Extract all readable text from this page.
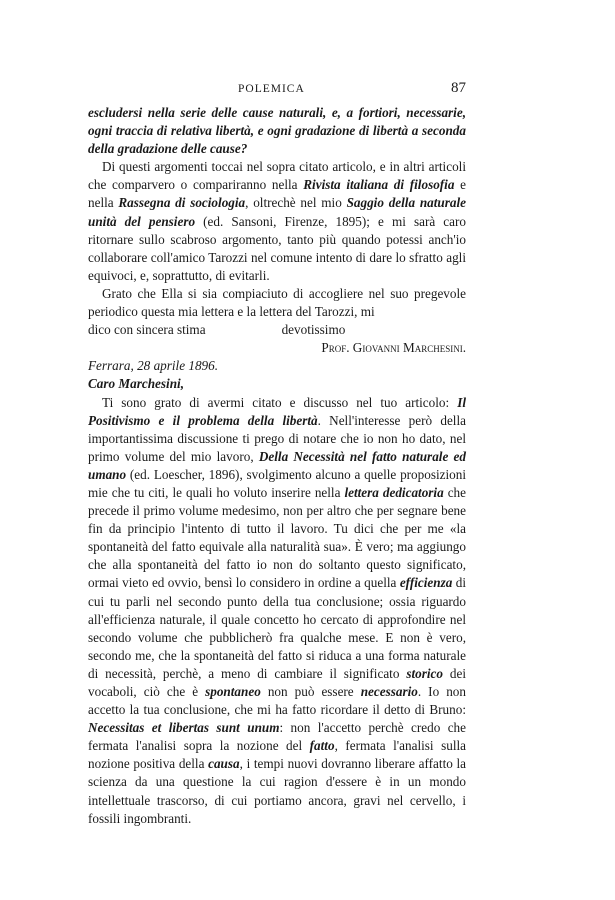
POLEMICA	87

escludersi nella serie delle cause naturali, e, a fortiori, necessarie, ogni traccia di relativa libertà, e ogni gradazione di libertà a seconda della gradazione delle cause?

Di questi argomenti toccai nel sopra citato articolo, e in altri articoli che comparvero o compariranno nella Rivista italiana di filosofia e nella Rassegna di sociologia, oltrechè nel mio Saggio della naturale unità del pensiero (ed. Sansoni, Firenze, 1895); e mi sarà caro ritornare sullo scabroso argomento, tanto più quando potessi anch'io collaborare coll'amico Tarozzi nel comune intento di dare lo sfratto agli equivoci, e, soprattutto, di evitarli.

Grato che Ella si sia compiaciuto di accogliere nel suo pregevole periodico questa mia lettera e la lettera del Tarozzi, mi

dico con sincera stima	devotissimo

Prof. Giovanni Marchesini.

Ferrara, 28 aprile 1896.

Caro Marchesini,

Ti sono grato di avermi citato e discusso nel tuo articolo: Il Positivismo e il problema della libertà. Nell'interesse però della importantissima discussione ti prego di notare che io non ho dato, nel primo volume del mio lavoro, Della Necessità nel fatto naturale ed umano (ed. Loescher, 1896), svolgimento alcuno a quelle proposizioni mie che tu citi, le quali ho voluto inserire nella lettera dedicatoria che precede il primo volume medesimo, non per altro che per segnare bene fin da principio l'intento di tutto il lavoro. Tu dici che per me «la spontaneità del fatto equivale alla naturalità sua». È vero; ma aggiungo che alla spontaneità del fatto io non do soltanto questo significato, ormai vieto ed ovvio, bensì lo considero in ordine a quella efficienza di cui tu parli nel secondo punto della tua conclusione; ossia riguardo all'efficienza naturale, il quale concetto ho cercato di approfondire nel secondo volume che pubblicherò fra qualche mese. E non è vero, secondo me, che la spontaneità del fatto si riduca a una forma naturale di necessità, perchè, a meno di cambiare il significato storico dei vocaboli, ciò che è spontaneo non può essere necessario. Io non accetto la tua conclusione, che mi ha fatto ricordare il detto di Bruno: Necessitas et libertas sunt unum: non l'accetto perchè credo che fermata l'analisi sopra la nozione del fatto, fermata l'analisi sulla nozione positiva della causa, i tempi nuovi dovranno liberare affatto la scienza da una questione la cui ragion d'essere è in un mondo intellettuale trascorso, di cui portiamo ancora, gravi nel cervello, i fossili ingombranti.
